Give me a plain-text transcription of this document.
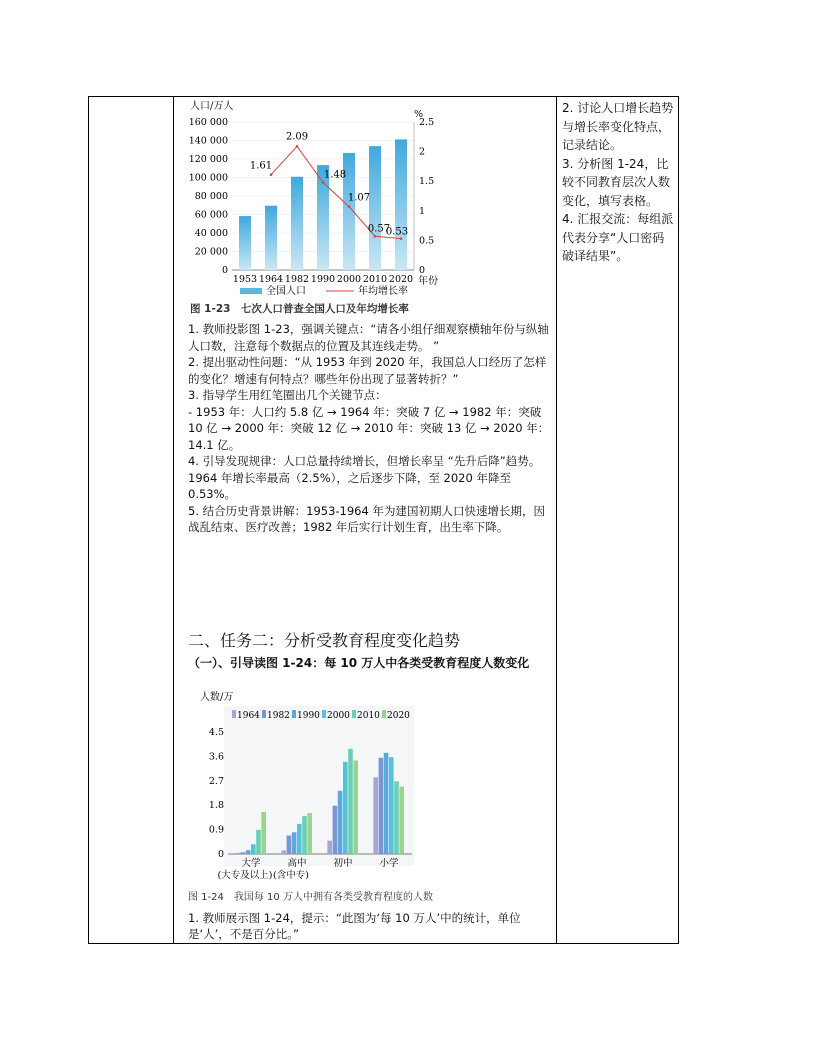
2. 讨论人口增长趋势与增长率变化特点，记录结论。

3. 分析图 1-24，比较不同教育层次人数变化，填写表格。

4. 汇报交流：每组派代表分享“人口密码破译结果”。

人口/万人
%
160 000
140 000
120 000
100 000
80 000
60 000
40 000
20 000
0
2.5
2
1.5
1
0.5
0
1.61
2.09
1.48
1.07
0.57
0.53
1953 1964 1982 1990 2000 2010 2020 年份
全国人口	年均增长率
图 1-23　七次人口普查全国人口及年均增长率

1. 教师投影图 1-23，强调关键点：“请各小组仔细观察横轴年份与纵轴人口数，注意每个数据点的位置及其连线走势。 ”

2. 提出驱动性问题：“从 1953 年到 2020 年，我国总人口经历了怎样的变化？增速有何特点？哪些年份出现了显著转折？”

3. 指导学生用红笔圈出几个关键节点：

- 1953 年：人口约 5.8 亿 → 1964 年：突破 7 亿 → 1982 年：突破 10 亿 → 2000 年：突破 12 亿 → 2010 年：突破 13 亿 → 2020 年：14.1 亿。

4. 引导发现规律：人口总量持续增长，但增长率呈 “先升后降”趋势。1964 年增长率最高（2.5%），之后逐步下降，至 2020 年降至 0.53%。

5. 结合历史背景讲解：1953-1964 年为建国初期人口快速增长期，因战乱结束、医疗改善；1982 年后实行计划生育，出生率下降。

二、任务二：分析受教育程度变化趋势
（一）、引导读图 1-24：每 10 万人中各类受教育程度人数变化
人数/万
1964 1982 1990 2000 2010 2020
4.5
3.6
2.7
1.8
0.9
0
大学
(大专及以上)
高中
(含中专)
初中	小学
图 1-24　我国每 10 万人中拥有各类受教育程度的人数

1. 教师展示图 1-24，提示：“此图为‘每 10 万人’中的统计，单位是‘人’，不是百分比。”
